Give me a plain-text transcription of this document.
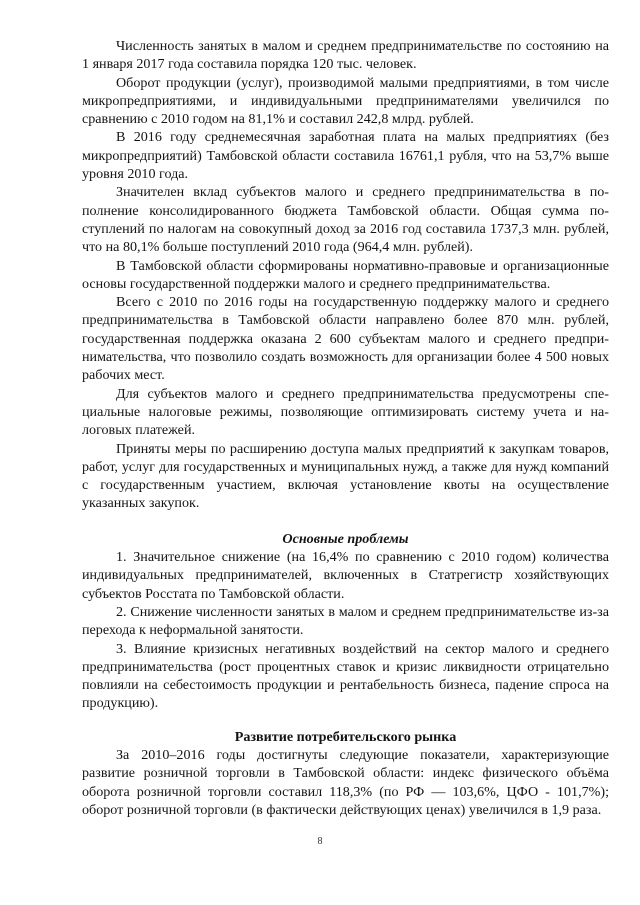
Численность занятых в малом и среднем предпринимательстве по состоянию на 1 января 2017 года составила порядка 120 тыс. человек.

Оборот продукции (услуг), производимой малыми предприятиями, в том числе микропредприятиями, и индивидуальными предпринимателями увеличился по сравнению с 2010 годом на 81,1% и составил 242,8 млрд. рублей.

В 2016 году среднемесячная заработная плата на малых предприятиях (без микропредприятий) Тамбовской области составила 16761,1 рубля, что на 53,7% выше уровня 2010 года.

Значителен вклад субъектов малого и среднего предпринимательства в пополнение консолидированного бюджета Тамбовской области. Общая сумма поступлений по налогам на совокупный доход за 2016 год составила 1737,3 млн. рублей, что на 80,1% больше поступлений 2010 года (964,4 млн. рублей).

В Тамбовской области сформированы нормативно-правовые и организационные основы государственной поддержки малого и среднего предпринимательства.

Всего с 2010 по 2016 годы на государственную поддержку малого и среднего предпринимательства в Тамбовской области направлено более 870 млн. рублей, государственная поддержка оказана 2 600 субъектам малого и среднего предпринимательства, что позволило создать возможность для организации более 4 500 новых рабочих мест.

Для субъектов малого и среднего предпринимательства предусмотрены специальные налоговые режимы, позволяющие оптимизировать систему учета и налоговых платежей.

Приняты меры по расширению доступа малых предприятий к закупкам товаров, работ, услуг для государственных и муниципальных нужд, а также для нужд компаний с государственным участием, включая установление квоты на осуществление указанных закупок.

Основные проблемы

1. Значительное снижение (на 16,4% по сравнению с 2010 годом) количества индивидуальных предпринимателей, включенных в Статрегистр хозяйствующих субъектов Росстата по Тамбовской области.

2. Снижение численности занятых в малом и среднем предпринимательстве из-за перехода к неформальной занятости.

3. Влияние кризисных негативных воздействий на сектор малого и среднего предпринимательства (рост процентных ставок и кризис ликвидности отрицательно повлияли на себестоимость продукции и рентабельность бизнеса, падение спроса на продукцию).

Развитие потребительского рынка

За 2010–2016 годы достигнуты следующие показатели, характеризующие развитие розничной торговли в Тамбовской области: индекс физического объёма оборота розничной торговли составил 118,3% (по РФ — 103,6%, ЦФО - 101,7%); оборот розничной торговли (в фактически действующих ценах) увеличился в 1,9 раза.

8
